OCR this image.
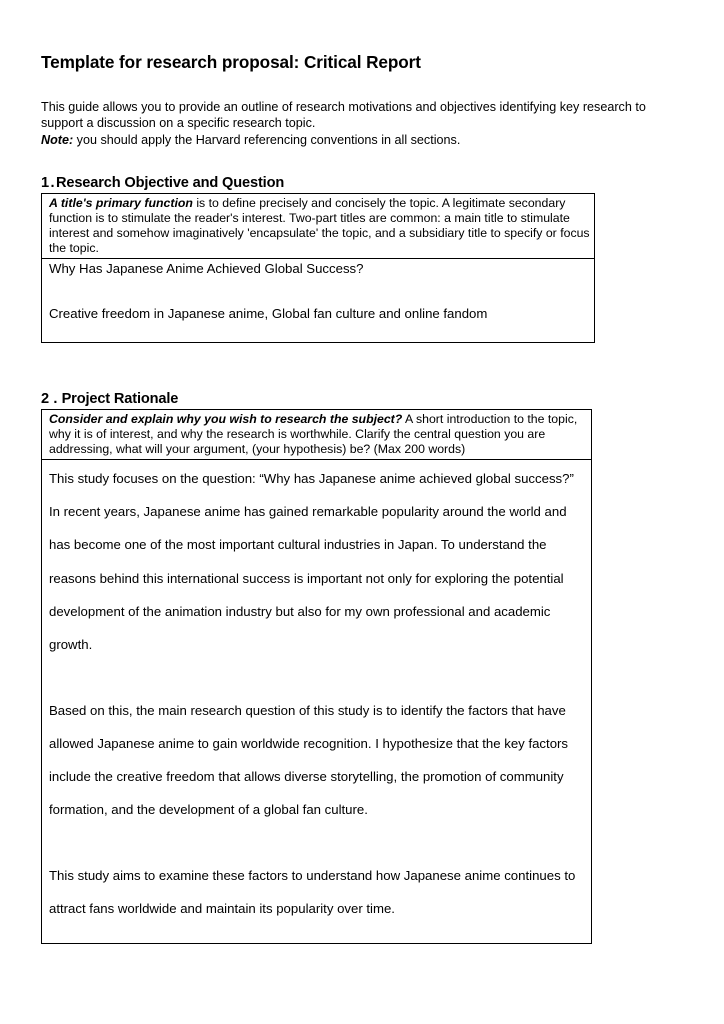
Template for research proposal: Critical Report

This guide allows you to provide an outline of research motivations and objectives identifying key research to support a discussion on a specific research topic.
Note: you should apply the Harvard referencing conventions in all sections.

1.Research Objective and Question
A title's primary function is to define precisely and concisely the topic. A legitimate secondary function is to stimulate the reader's interest. Two-part titles are common: a main title to stimulate interest and somehow imaginatively 'encapsulate' the topic, and a subsidiary title to specify or focus the topic.

Why Has Japanese Anime Achieved Global Success?

Creative freedom in Japanese anime, Global fan culture and online fandom

2.Project Rationale
Consider and explain why you wish to research the subject? A short introduction to the topic, why it is of interest, and why the research is worthwhile. Clarify the central question you are addressing, what will your argument, (your hypothesis) be? (Max 200 words)

This study focuses on the question: “Why has Japanese anime achieved global success?” In recent years, Japanese anime has gained remarkable popularity around the world and has become one of the most important cultural industries in Japan. To understand the reasons behind this international success is important not only for exploring the potential development of the animation industry but also for my own professional and academic growth.

Based on this, the main research question of this study is to identify the factors that have allowed Japanese anime to gain worldwide recognition. I hypothesize that the key factors include the creative freedom that allows diverse storytelling, the promotion of community formation, and the development of a global fan culture.

This study aims to examine these factors to understand how Japanese anime continues to attract fans worldwide and maintain its popularity over time.
